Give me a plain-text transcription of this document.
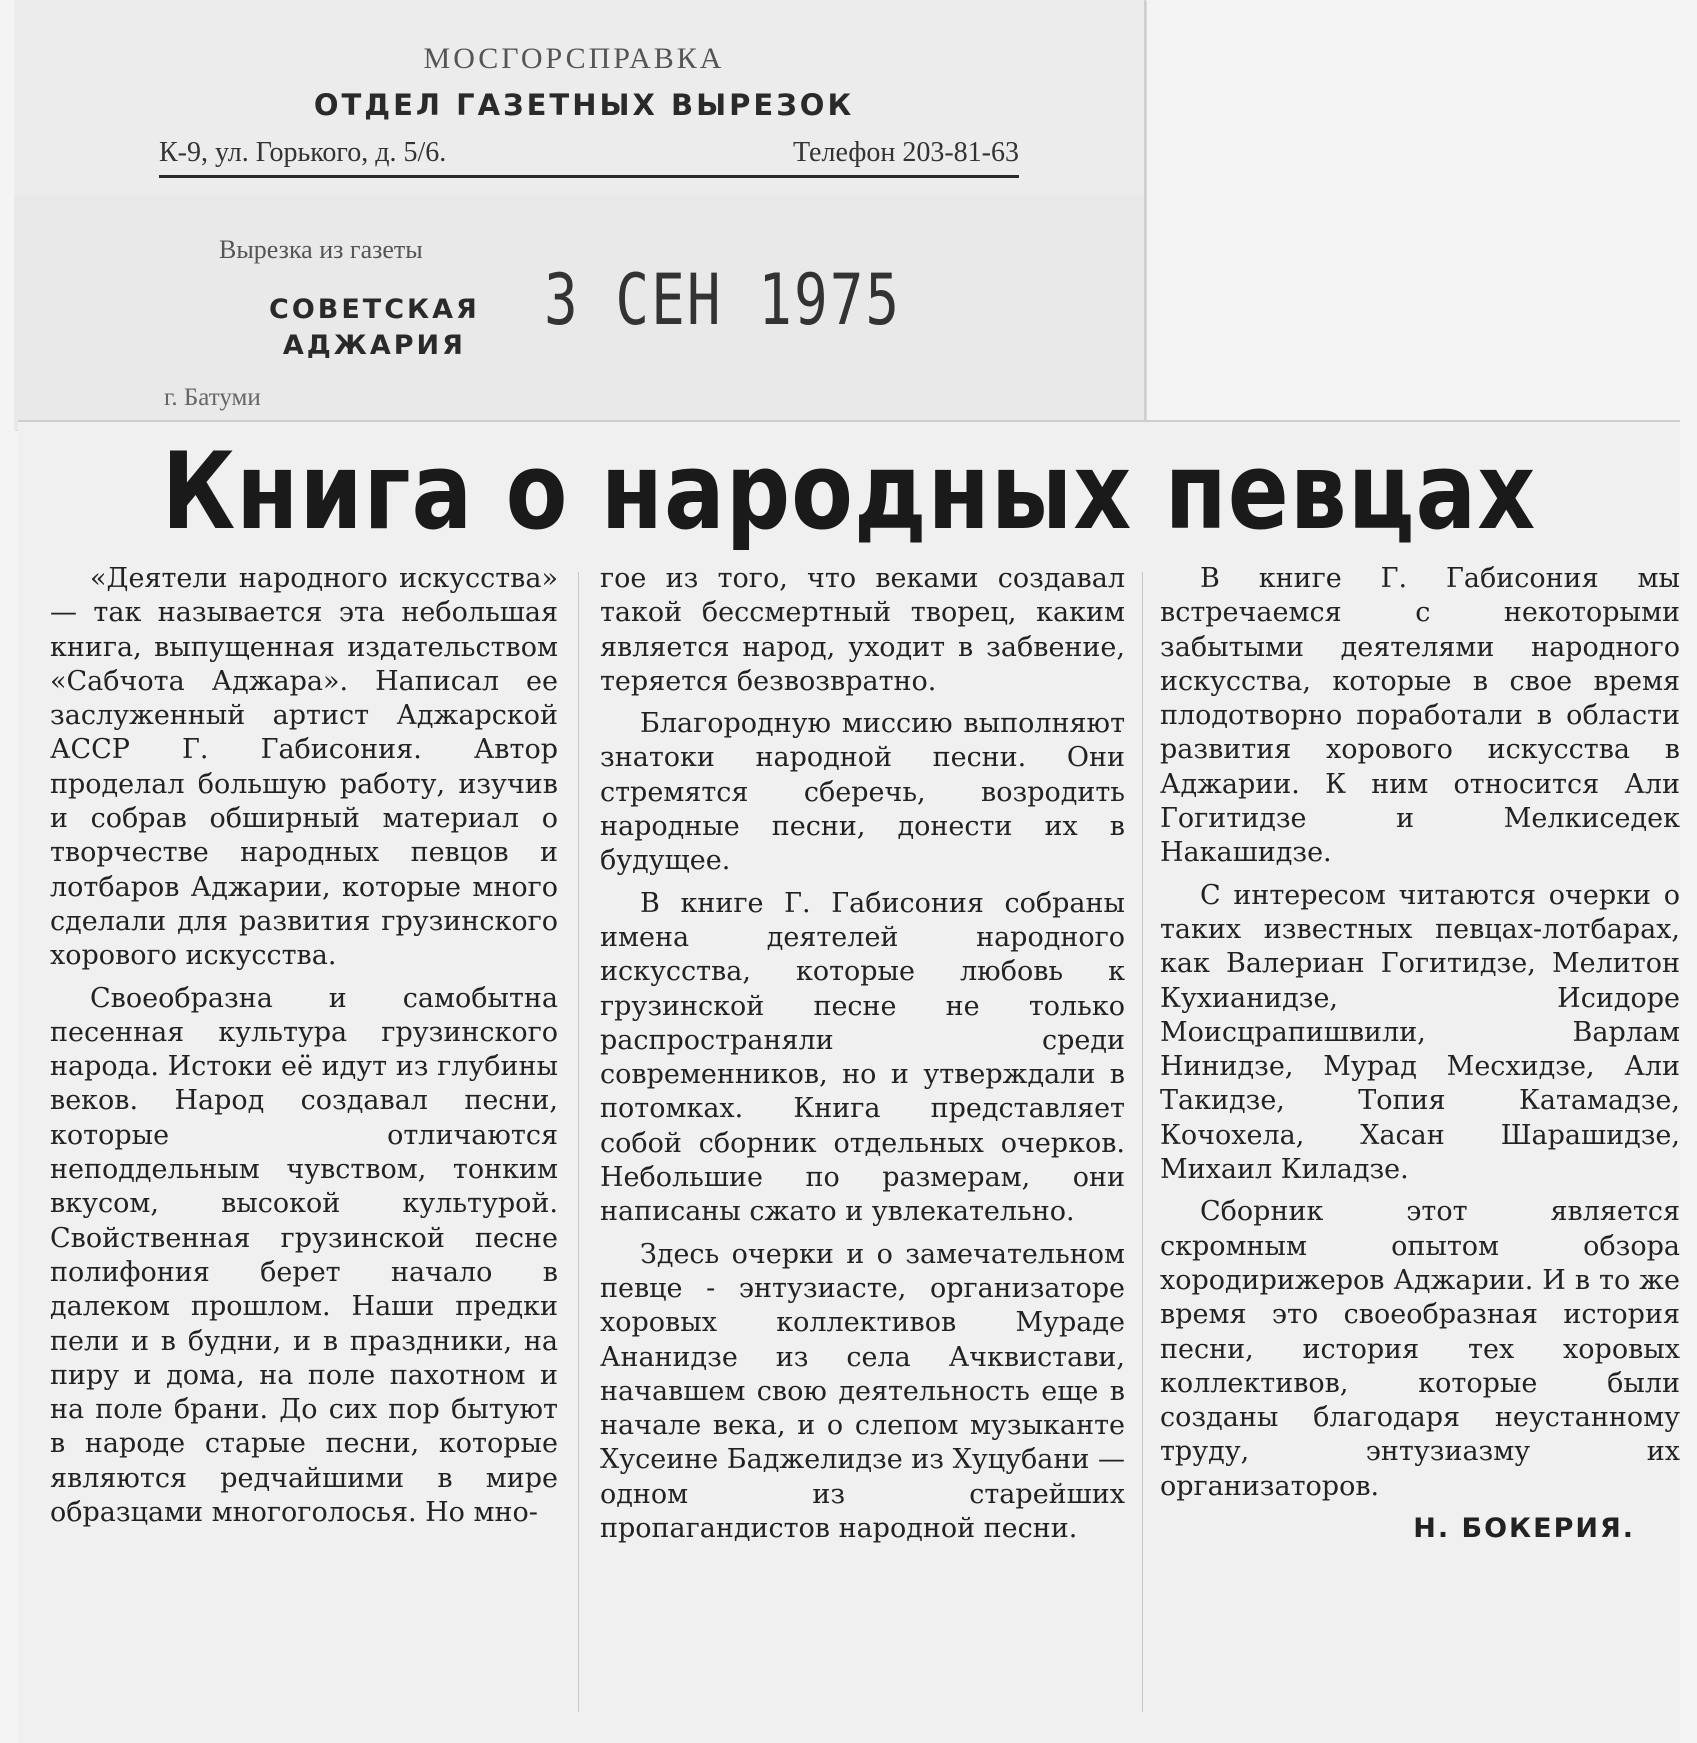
МОСГОРСПРАВКА
ОТДЕЛ ГАЗЕТНЫХ ВЫРЕЗОК
К-9, ул. Горького, д. 5/6.	Телефон 203-81-63
Вырезка из газеты
СОВЕТСКАЯ
АДЖАРИЯ
3 СЕН 1975
г. Батуми
Книга о народных певцах

«Деятели народного искусства» — так называется эта небольшая книга, выпущенная издательством «Сабчота Аджара». Написал ее заслуженный артист Аджарской АССР Г. Габисония. Автор проделал большую работу, изучив и собрав обширный материал о творчестве народных певцов и лотбаров Аджарии, которые много сделали для развития грузинского хорового искусства.

Своеобразна и самобытна песенная культура грузинского народа. Истоки её идут из глубины веков. Народ создавал песни, которые отличаются неподдельным чувством, тонким вкусом, высокой культурой. Свойственная грузинской песне полифония берет начало в далеком прошлом. Наши предки пели и в будни, и в праздники, на пиру и дома, на поле пахотном и на поле брани. До сих пор бытуют в народе старые песни, которые являются редчайшими в мире образцами многоголосья. Но мно-

гое из того, что веками создавал такой бессмертный творец, каким является народ, уходит в забвение, теряется безвозвратно.

Благородную миссию выполняют знатоки народной песни. Они стремятся сберечь, возродить народные песни, донести их в будущее.

В книге Г. Габисония собраны имена деятелей народного искусства, которые любовь к грузинской песне не только распространяли среди современников, но и утверждали в потомках. Книга представляет собой сборник отдельных очерков. Небольшие по размерам, они написаны сжато и увлекательно.

Здесь очерки и о замечательном певце - энтузиасте, организаторе хоровых коллективов Мураде Ананидзе из села Ачквистави, начавшем свою деятельность еще в начале века, и о слепом музыканте Хусеине Баджелидзе из Хуцубани — одном из старейших пропагандистов народной песни.

В книге Г. Габисония мы встречаемся с некоторыми забытыми деятелями народного искусства, которые в свое время плодотворно поработали в области развития хорового искусства в Аджарии. К ним относится Али Гогитидзе и Мелкиседек Накашидзе.

С интересом читаются очерки о таких известных певцах-лотбарах, как Валериан Гогитидзе, Мелитон Кухианидзе, Исидоре Моисцрапишвили, Варлам Нинидзе, Мурад Месхидзе, Али Такидзе, Топия Катамадзе, Кочохела, Хасан Шарашидзе, Михаил Киладзе.

Сборник этот является скромным опытом обзора хородирижеров Аджарии. И в то же время это своеобразная история песни, история тех хоровых коллективов, которые были созданы благодаря неустанному труду, энтузиазму их организаторов.

Н. БОКЕРИЯ.
